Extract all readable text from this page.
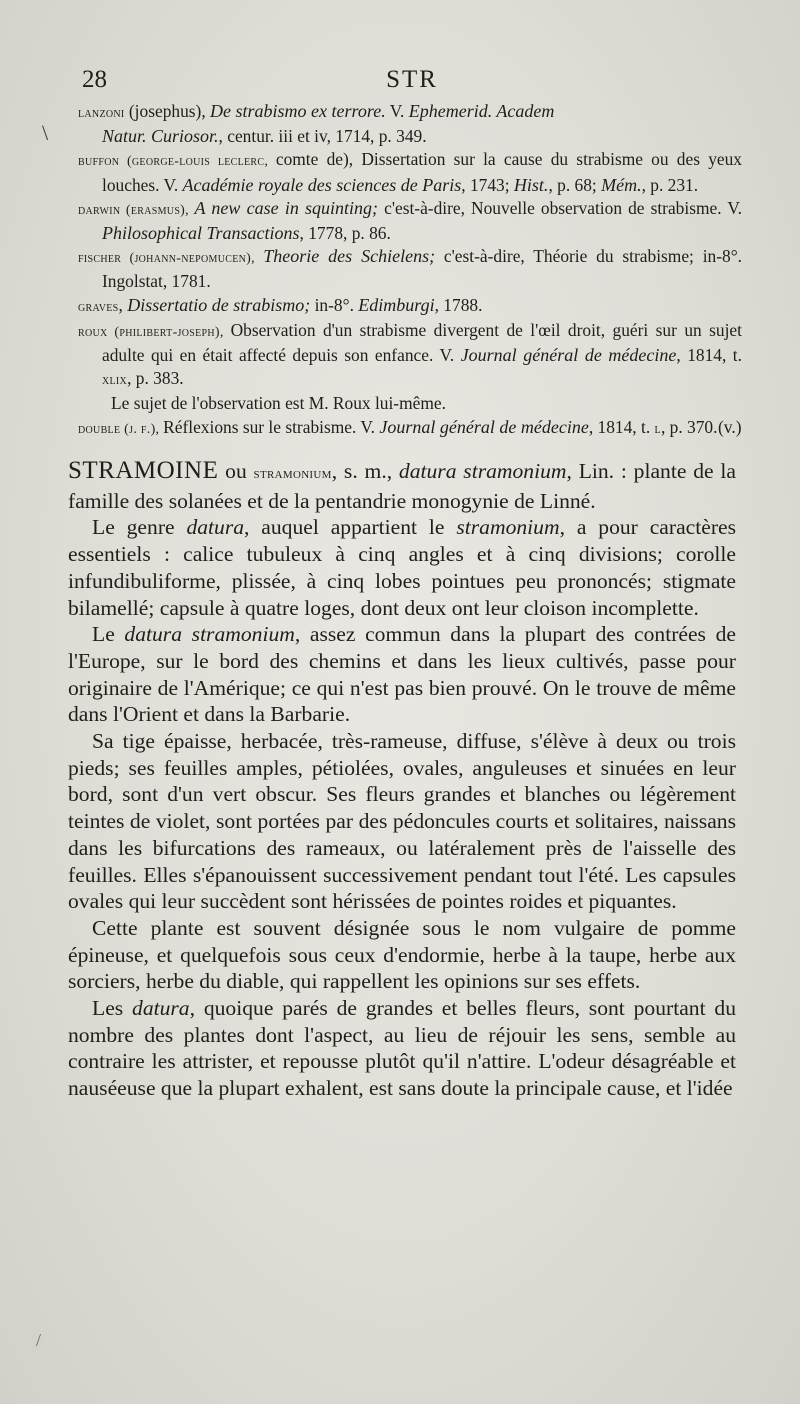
\
/
28	STR

lanzoni (josephus), De strabismo ex terrore. V. Ephemerid. Academ
Natur. Curiosor., centur. iii et iv, 1714, p. 349.

buffon (george-louis leclerc, comte de), Dissertation sur la cause du strabisme ou des yeux louches. V. Académie royale des sciences de Paris, 1743; Hist., p. 68; Mém., p. 231.

darwin (erasmus), A new case in squinting; c'est-à-dire, Nouvelle observation de strabisme. V. Philosophical Transactions, 1778, p. 86.

fischer (johann-nepomucen), Theorie des Schielens; c'est-à-dire, Théorie du strabisme; in-8°. Ingolstat, 1781.

graves, Dissertatio de strabismo; in-8°. Edimburgi, 1788.

roux (philibert-joseph), Observation d'un strabisme divergent de l'œil droit, guéri sur un sujet adulte qui en était affecté depuis son enfance. V. Journal général de médecine, 1814, t. xlix, p. 383.

Le sujet de l'observation est M. Roux lui-même.

double (j. f.), Réflexions sur le strabisme. V. Journal général de médecine, 1814, t. l, p. 370. (v.)

STRAMOINE ou stramonium, s. m., datura stramonium, Lin. : plante de la famille des solanées et de la pentandrie monogynie de Linné.

Le genre datura, auquel appartient le stramonium, a pour caractères essentiels : calice tubuleux à cinq angles et à cinq divisions; corolle infundibuliforme, plissée, à cinq lobes pointues peu prononcés; stigmate bilamellé; capsule à quatre loges, dont deux ont leur cloison incomplette.

Le datura stramonium, assez commun dans la plupart des contrées de l'Europe, sur le bord des chemins et dans les lieux cultivés, passe pour originaire de l'Amérique; ce qui n'est pas bien prouvé. On le trouve de même dans l'Orient et dans la Barbarie.

Sa tige épaisse, herbacée, très-rameuse, diffuse, s'élève à deux ou trois pieds; ses feuilles amples, pétiolées, ovales, anguleuses et sinuées en leur bord, sont d'un vert obscur. Ses fleurs grandes et blanches ou légèrement teintes de violet, sont portées par des pédoncules courts et solitaires, naissans dans les bifurcations des rameaux, ou latéralement près de l'aisselle des feuilles. Elles s'épanouissent successivement pendant tout l'été. Les capsules ovales qui leur succèdent sont hérissées de pointes roides et piquantes.

Cette plante est souvent désignée sous le nom vulgaire de pomme épineuse, et quelquefois sous ceux d'endormie, herbe à la taupe, herbe aux sorciers, herbe du diable, qui rappellent les opinions sur ses effets.

Les datura, quoique parés de grandes et belles fleurs, sont pourtant du nombre des plantes dont l'aspect, au lieu de réjouir les sens, semble au contraire les attrister, et repousse plutôt qu'il n'attire. L'odeur désagréable et nauséeuse que la plupart exhalent, est sans doute la principale cause, et l'idée
